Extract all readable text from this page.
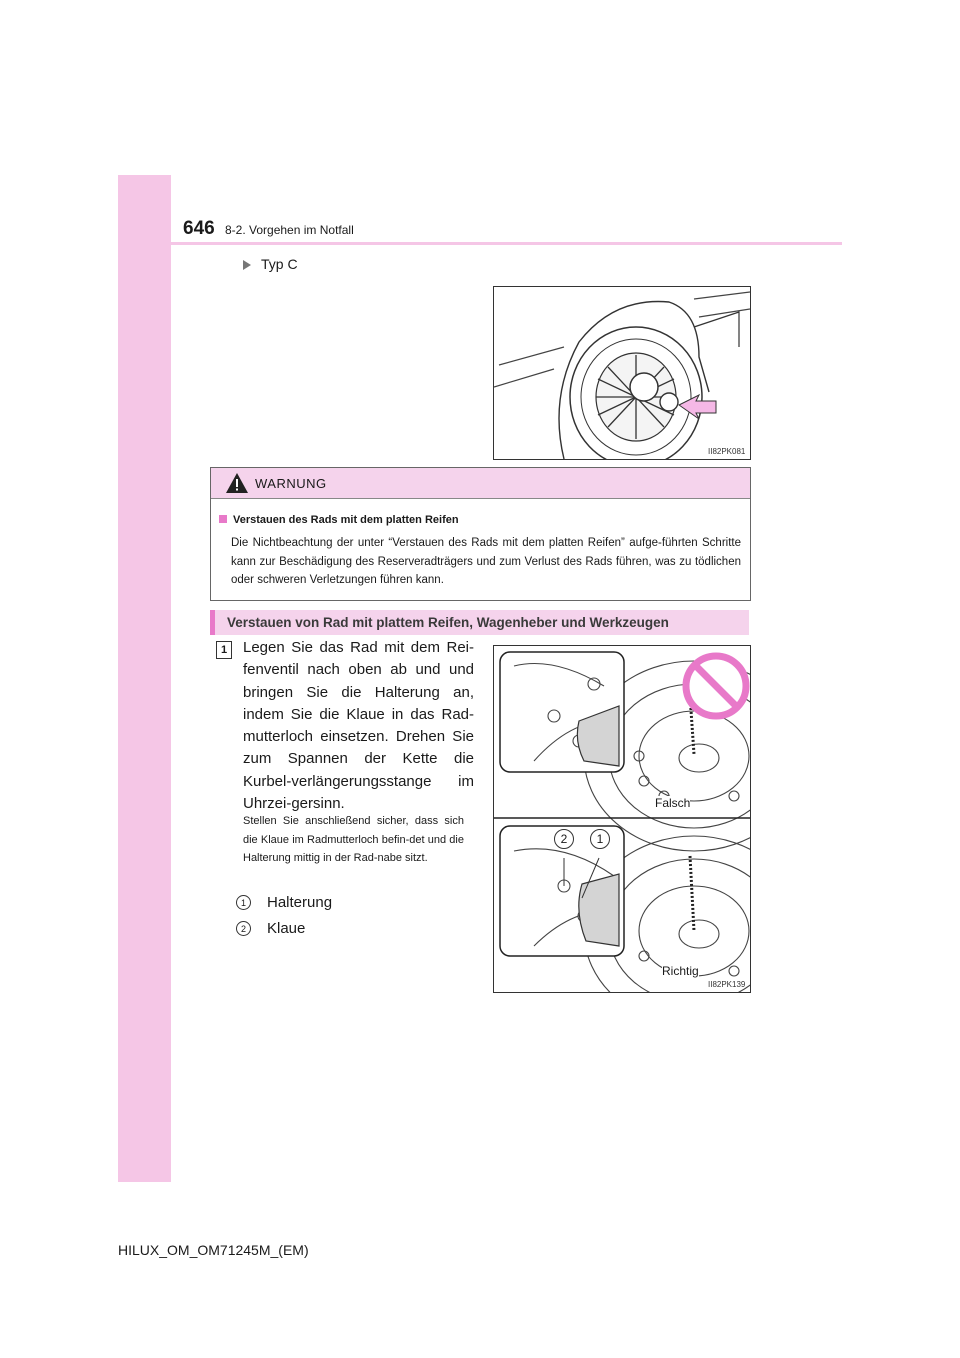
646 8-2. Vorgehen im Notfall
Typ C
II82PK081
WARNUNG
Verstauen des Rads mit dem platten Reifen
Die Nichtbeachtung der unter “Verstauen des Rads mit dem platten Reifen” aufge-führten Schritte kann zur Beschädigung des Reserveradträgers und zum Verlust des Rads führen, was zu tödlichen oder schweren Verletzungen führen kann.
Verstauen von Rad mit plattem Reifen, Wagenheber und Werkzeugen
1	Legen Sie das Rad mit dem Rei-fenventil nach oben ab und und bringen Sie die Halterung an, indem Sie die Klaue in das Rad-mutterloch einsetzen. Drehen Sie zum Spannen der Kette die Kurbel-verlängerungsstange im Uhrzei-gersinn.
Stellen Sie anschließend sicher, dass sich die Klaue im Radmutterloch befin-det und die Halterung mittig in der Rad-nabe sitzt.
1	Halterung
2	Klaue
II82PK139
Falsch
Richtig
2	1
HILUX_OM_OM71245M_(EM)
